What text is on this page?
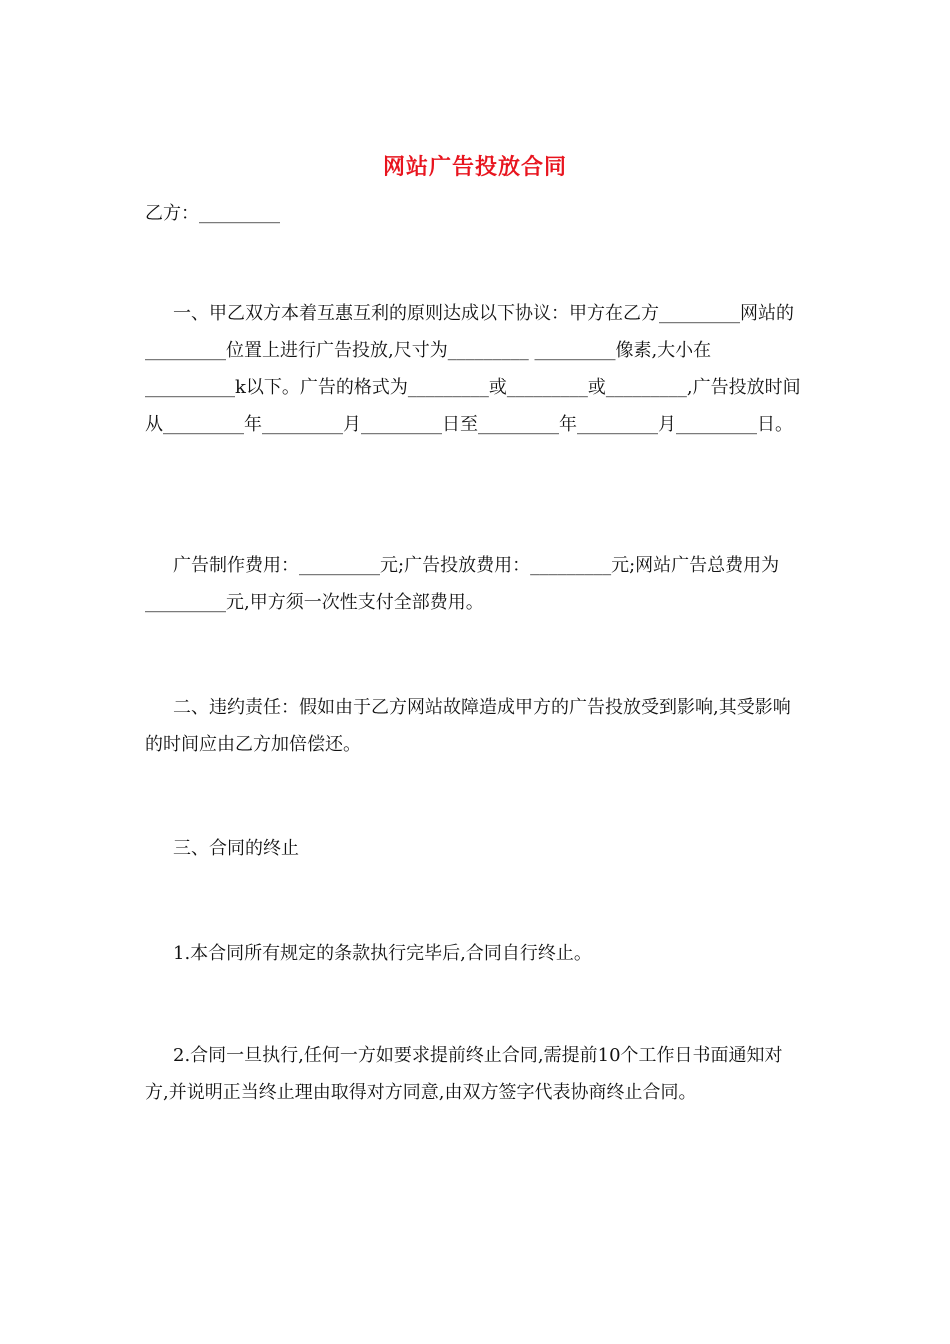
网站广告投放合同
乙方：_________

一、甲乙双方本着互惠互利的原则达成以下协议：甲方在乙方_________网站的_________位置上进行广告投放,尺寸为_________ _________像素,大小在__________k以下。广告的格式为_________或_________或_________,广告投放时间从_________年_________月_________日至_________年_________月_________日。

广告制作费用：_________元;广告投放费用：_________元;网站广告总费用为_________元,甲方须一次性支付全部费用。

二、违约责任：假如由于乙方网站故障造成甲方的广告投放受到影响,其受影响的时间应由乙方加倍偿还。

三、合同的终止

1.本合同所有规定的条款执行完毕后,合同自行终止。

2.合同一旦执行,任何一方如要求提前终止合同,需提前10个工作日书面通知对方,并说明正当终止理由取得对方同意,由双方签字代表协商终止合同。
